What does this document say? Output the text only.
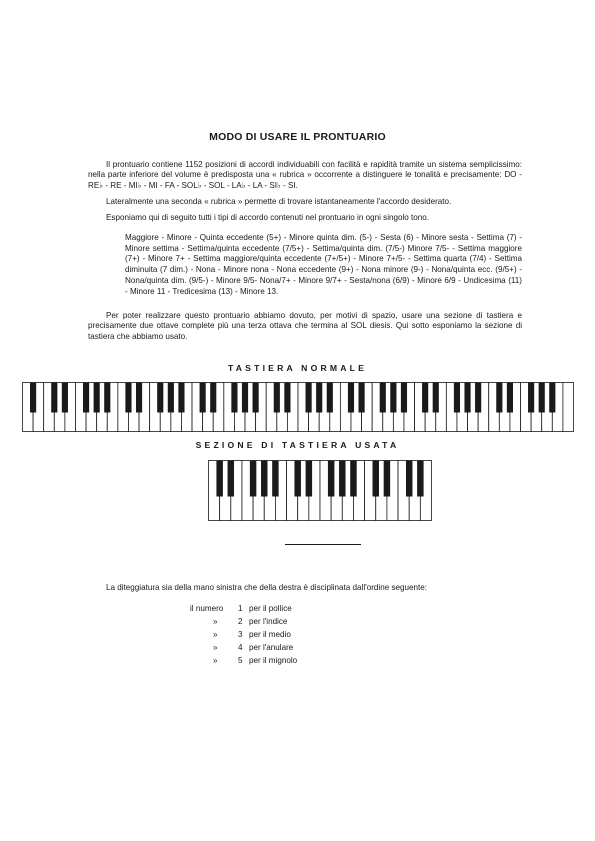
MODO DI USARE IL PRONTUARIO
Il prontuario contiene 1152 posizioni di accordi individuabili con facilità e rapidità tramite un sistema semplicissimo: nella parte inferiore del volume è predisposta una « rubrica » occorrente a distinguere le tonalità e precisamente: DO - RE♭ - RE - MI♭ - MI - FA - SOL♭ - SOL - LA♭ - LA - SI♭ - SI.
Lateralmente una seconda « rubrica » permette di trovare istantaneamente l'accordo desiderato.
Esponiamo qui di seguito tutti i tipi di accordo contenuti nel prontuario in ogni singolo tono.
Maggiore - Minore - Quinta eccedente (5+) - Minore quinta dim. (5-) - Sesta (6) - Minore sesta - Settima (7) - Minore settima - Settima/quinta eccedente (7/5+) - Settima/quinta dim. (7/5-) Minore 7/5- - Settima maggiore (7+) - Minore 7+ - Settima maggiore/quinta eccedente (7+/5+) - Minore 7+/5- - Settima quarta (7/4) - Settima diminuita (7 dim.) - Nona - Minore nona - Nona eccedente (9+) - Nona minore (9-) - Nona/quinta ecc. (9/5+) - Nona/quinta dim. (9/5-) - Minore 9/5- Nona/7+ - Minore 9/7+ - Sesta/nona (6/9) - Minore 6/9 - Undicesima (11) - Minore 11 - Tredicesima (13) - Minore 13.
Per poter realizzare questo prontuario abbiamo dovuto, per motivi di spazio, usare una sezione di tastiera e precisamente due ottave complete più una terza ottava che termina al SOL diesis. Qui sotto esponiamo la sezione di tastiera che abbiamo usato.
TASTIERA NORMALE
SEZIONE DI TASTIERA USATA
La diteggiatura sia della mano sinistra che della destra è disciplinata dall'ordine seguente:
il numero 1 per il pollice
»	2 per l'indice
»	3 per il medio
»	4 per l'anulare
»	5 per il mignolo
